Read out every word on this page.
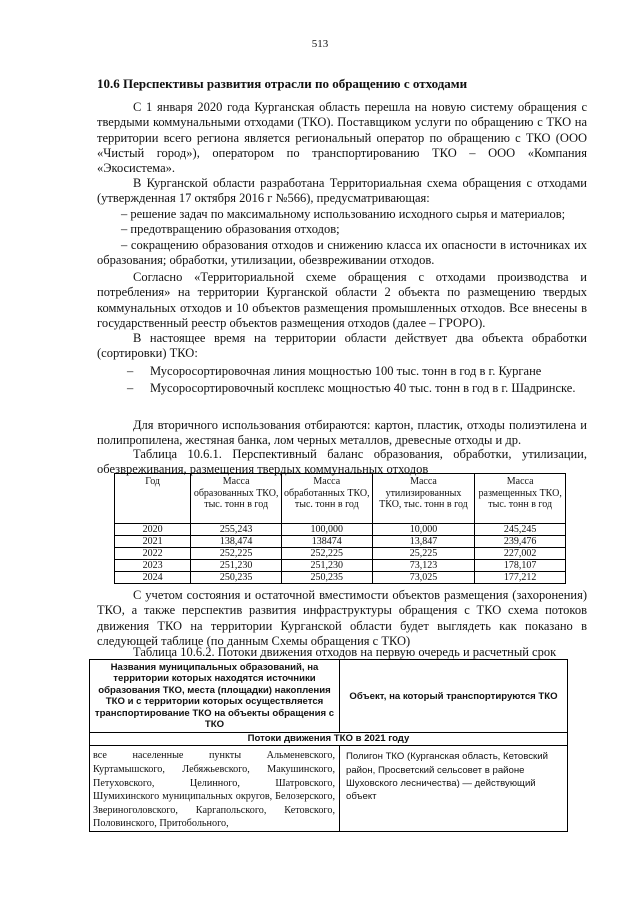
513
10.6 Перспективы развития отрасли по обращению с отходами
С 1 января 2020 года Курганская область перешла на новую систему обращения с твердыми коммунальными отходами (ТКО). Поставщиком услуги по обращению с ТКО на территории всего региона является региональный оператор по обращению с ТКО (ООО «Чистый город»), оператором по транспортированию ТКО – ООО «Компания «Экосистема».
В Курганской области разработана Территориальная схема обращения с отходами (утвержденная 17 октября 2016 г №566), предусматривающая:
– решение задач по максимальному использованию исходного сырья и материалов;
– предотвращению образования отходов;
– сокращению образования отходов и снижению класса их опасности в источниках их образования; обработки, утилизации, обезвреживании отходов.
Согласно «Территориальной схеме обращения с отходами производства и потребления» на территории Курганской области 2 объекта по размещению твердых коммунальных отходов и 10 объектов размещения промышленных отходов. Все внесены в государственный реестр объектов размещения отходов (далее – ГРОРО).
В настоящее время на территории области действует два объекта обработки (сортировки) ТКО:
– Мусоросортировочная линия мощностью 100 тыс. тонн в год в г. Кургане
– Мусоросортировочный косплекс мощностью 40 тыс. тонн в год в г. Шадринске.
Для вторичного использования отбираются: картон, пластик, отходы полиэтилена и полипропилена, жестяная банка, лом черных металлов, древесные отходы и др.
Таблица 10.6.1. Перспективный баланс образования, обработки, утилизации, обезвреживания, размещения твердых коммунальных отходов
Год	Масса образованных ТКО, тыс. тонн в год	Масса обработанных ТКО, тыс. тонн в год	Масса утилизированных ТКО, тыс. тонн в год	Масса размещенных ТКО, тыс. тонн в год
2020	255,243	100,000	10,000	245,245
2021	138,474	138474	13,847	239,476
2022	252,225	252,225	25,225	227,002
2023	251,230	251,230	73,123	178,107
2024	250,235	250,235	73,025	177,212
С учетом состояния и остаточной вместимости объектов размещения (захоронения) ТКО, а также перспектив развития инфраструктуры обращения с ТКО схема потоков движения ТКО на территории Курганской области будет выглядеть как показано в следующей таблице (по данным Схемы обращения с ТКО)
Таблица 10.6.2. Потоки движения отходов на первую очередь и расчетный срок
Названия муниципальных образований, на территории которых находятся источники образования ТКО, места (площадки) накопления ТКО и с территории которых осуществляется транспортирование ТКО на объекты обращения с ТКО	Объект, на который транспортируются ТКО
Потоки движения ТКО в 2021 году	
все населенные пункты Альменевского, Куртамышского, Лебяжьевского, Макушинского, Петуховского, Целинного, Шатровского, Шумихинского муниципальных округов, Белозерского, Звериноголовского, Каргапольского, Кетовского, Половинского, Притобольного,	Полигон ТКО (Курганская область, Кетовский район, Просветский сельсовет в районе Шуховского лесничества) — действующий объект
